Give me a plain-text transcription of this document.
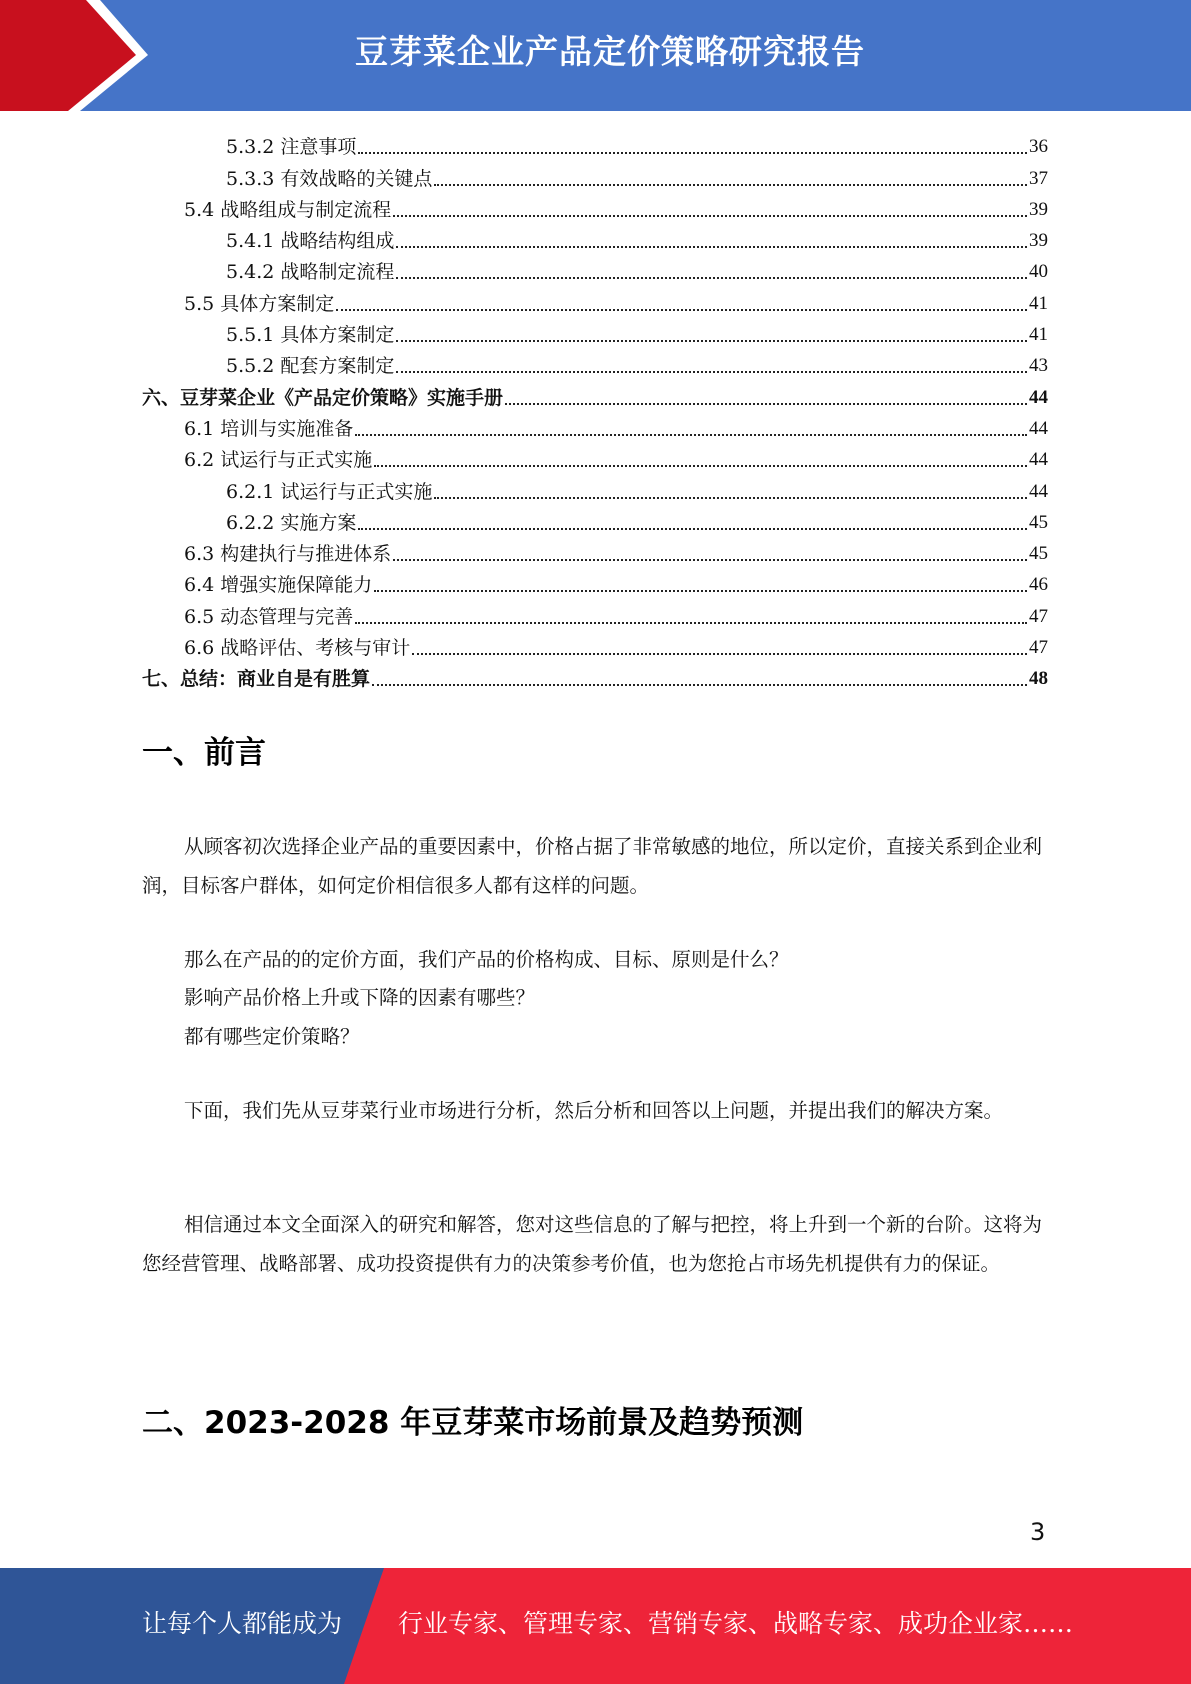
豆芽菜企业产品定价策略研究报告
5.3.2 注意事项	36
5.3.3 有效战略的关键点	37
5.4 战略组成与制定流程	39
5.4.1 战略结构组成	39
5.4.2 战略制定流程	40
5.5 具体方案制定	41
5.5.1 具体方案制定	41
5.5.2 配套方案制定	43
六、豆芽菜企业《产品定价策略》实施手册	44
6.1 培训与实施准备	44
6.2 试运行与正式实施	44
6.2.1 试运行与正式实施	44
6.2.2 实施方案	45
6.3 构建执行与推进体系	45
6.4 增强实施保障能力	46
6.5 动态管理与完善	47
6.6 战略评估、考核与审计	47
七、总结：商业自是有胜算	48
一、前言
从顾客初次选择企业产品的重要因素中，价格占据了非常敏感的地位，所以定价，直接关系到企业利润，目标客户群体，如何定价相信很多人都有这样的问题。
那么在产品的的定价方面，我们产品的价格构成、目标、原则是什么？
影响产品价格上升或下降的因素有哪些？
都有哪些定价策略？
下面，我们先从豆芽菜行业市场进行分析，然后分析和回答以上问题，并提出我们的解决方案。
相信通过本文全面深入的研究和解答，您对这些信息的了解与把控，将上升到一个新的台阶。这将为您经营管理、战略部署、成功投资提供有力的决策参考价值，也为您抢占市场先机提供有力的保证。
二、2023-2028 年豆芽菜市场前景及趋势预测
3
让每个人都能成为 行业专家、管理专家、营销专家、战略专家、成功企业家……
